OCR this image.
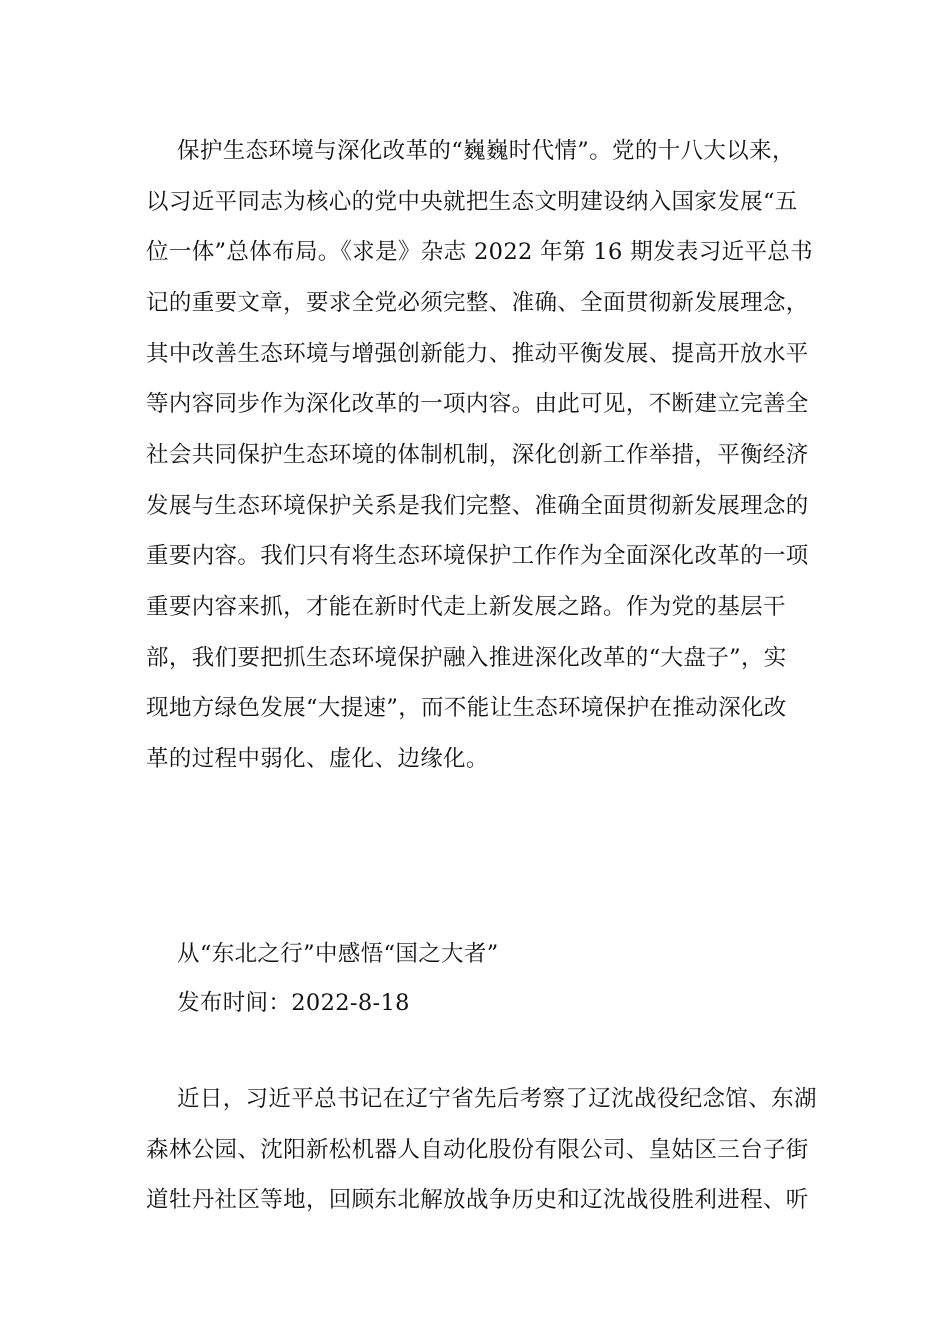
保护生态环境与深化改革的“巍巍时代情”。党的十八大以来，
以习近平同志为核心的党中央就把生态文明建设纳入国家发展“五
位一体”总体布局。《求是》杂志 2022 年第 16 期发表习近平总书
记的重要文章，要求全党必须完整、准确、全面贯彻新发展理念，
其中改善生态环境与增强创新能力、推动平衡发展、提高开放水平
等内容同步作为深化改革的一项内容。由此可见，不断建立完善全
社会共同保护生态环境的体制机制，深化创新工作举措，平衡经济
发展与生态环境保护关系是我们完整、准确全面贯彻新发展理念的
重要内容。我们只有将生态环境保护工作作为全面深化改革的一项
重要内容来抓，才能在新时代走上新发展之路。作为党的基层干
部，我们要把抓生态环境保护融入推进深化改革的“大盘子”，实
现地方绿色发展“大提速”，而不能让生态环境保护在推动深化改
革的过程中弱化、虚化、边缘化。
从“东北之行”中感悟“国之大者”
发布时间：2022-8-18
近日，习近平总书记在辽宁省先后考察了辽沈战役纪念馆、东湖
森林公园、沈阳新松机器人自动化股份有限公司、皇姑区三台子街
道牡丹社区等地，回顾东北解放战争历史和辽沈战役胜利进程、听
